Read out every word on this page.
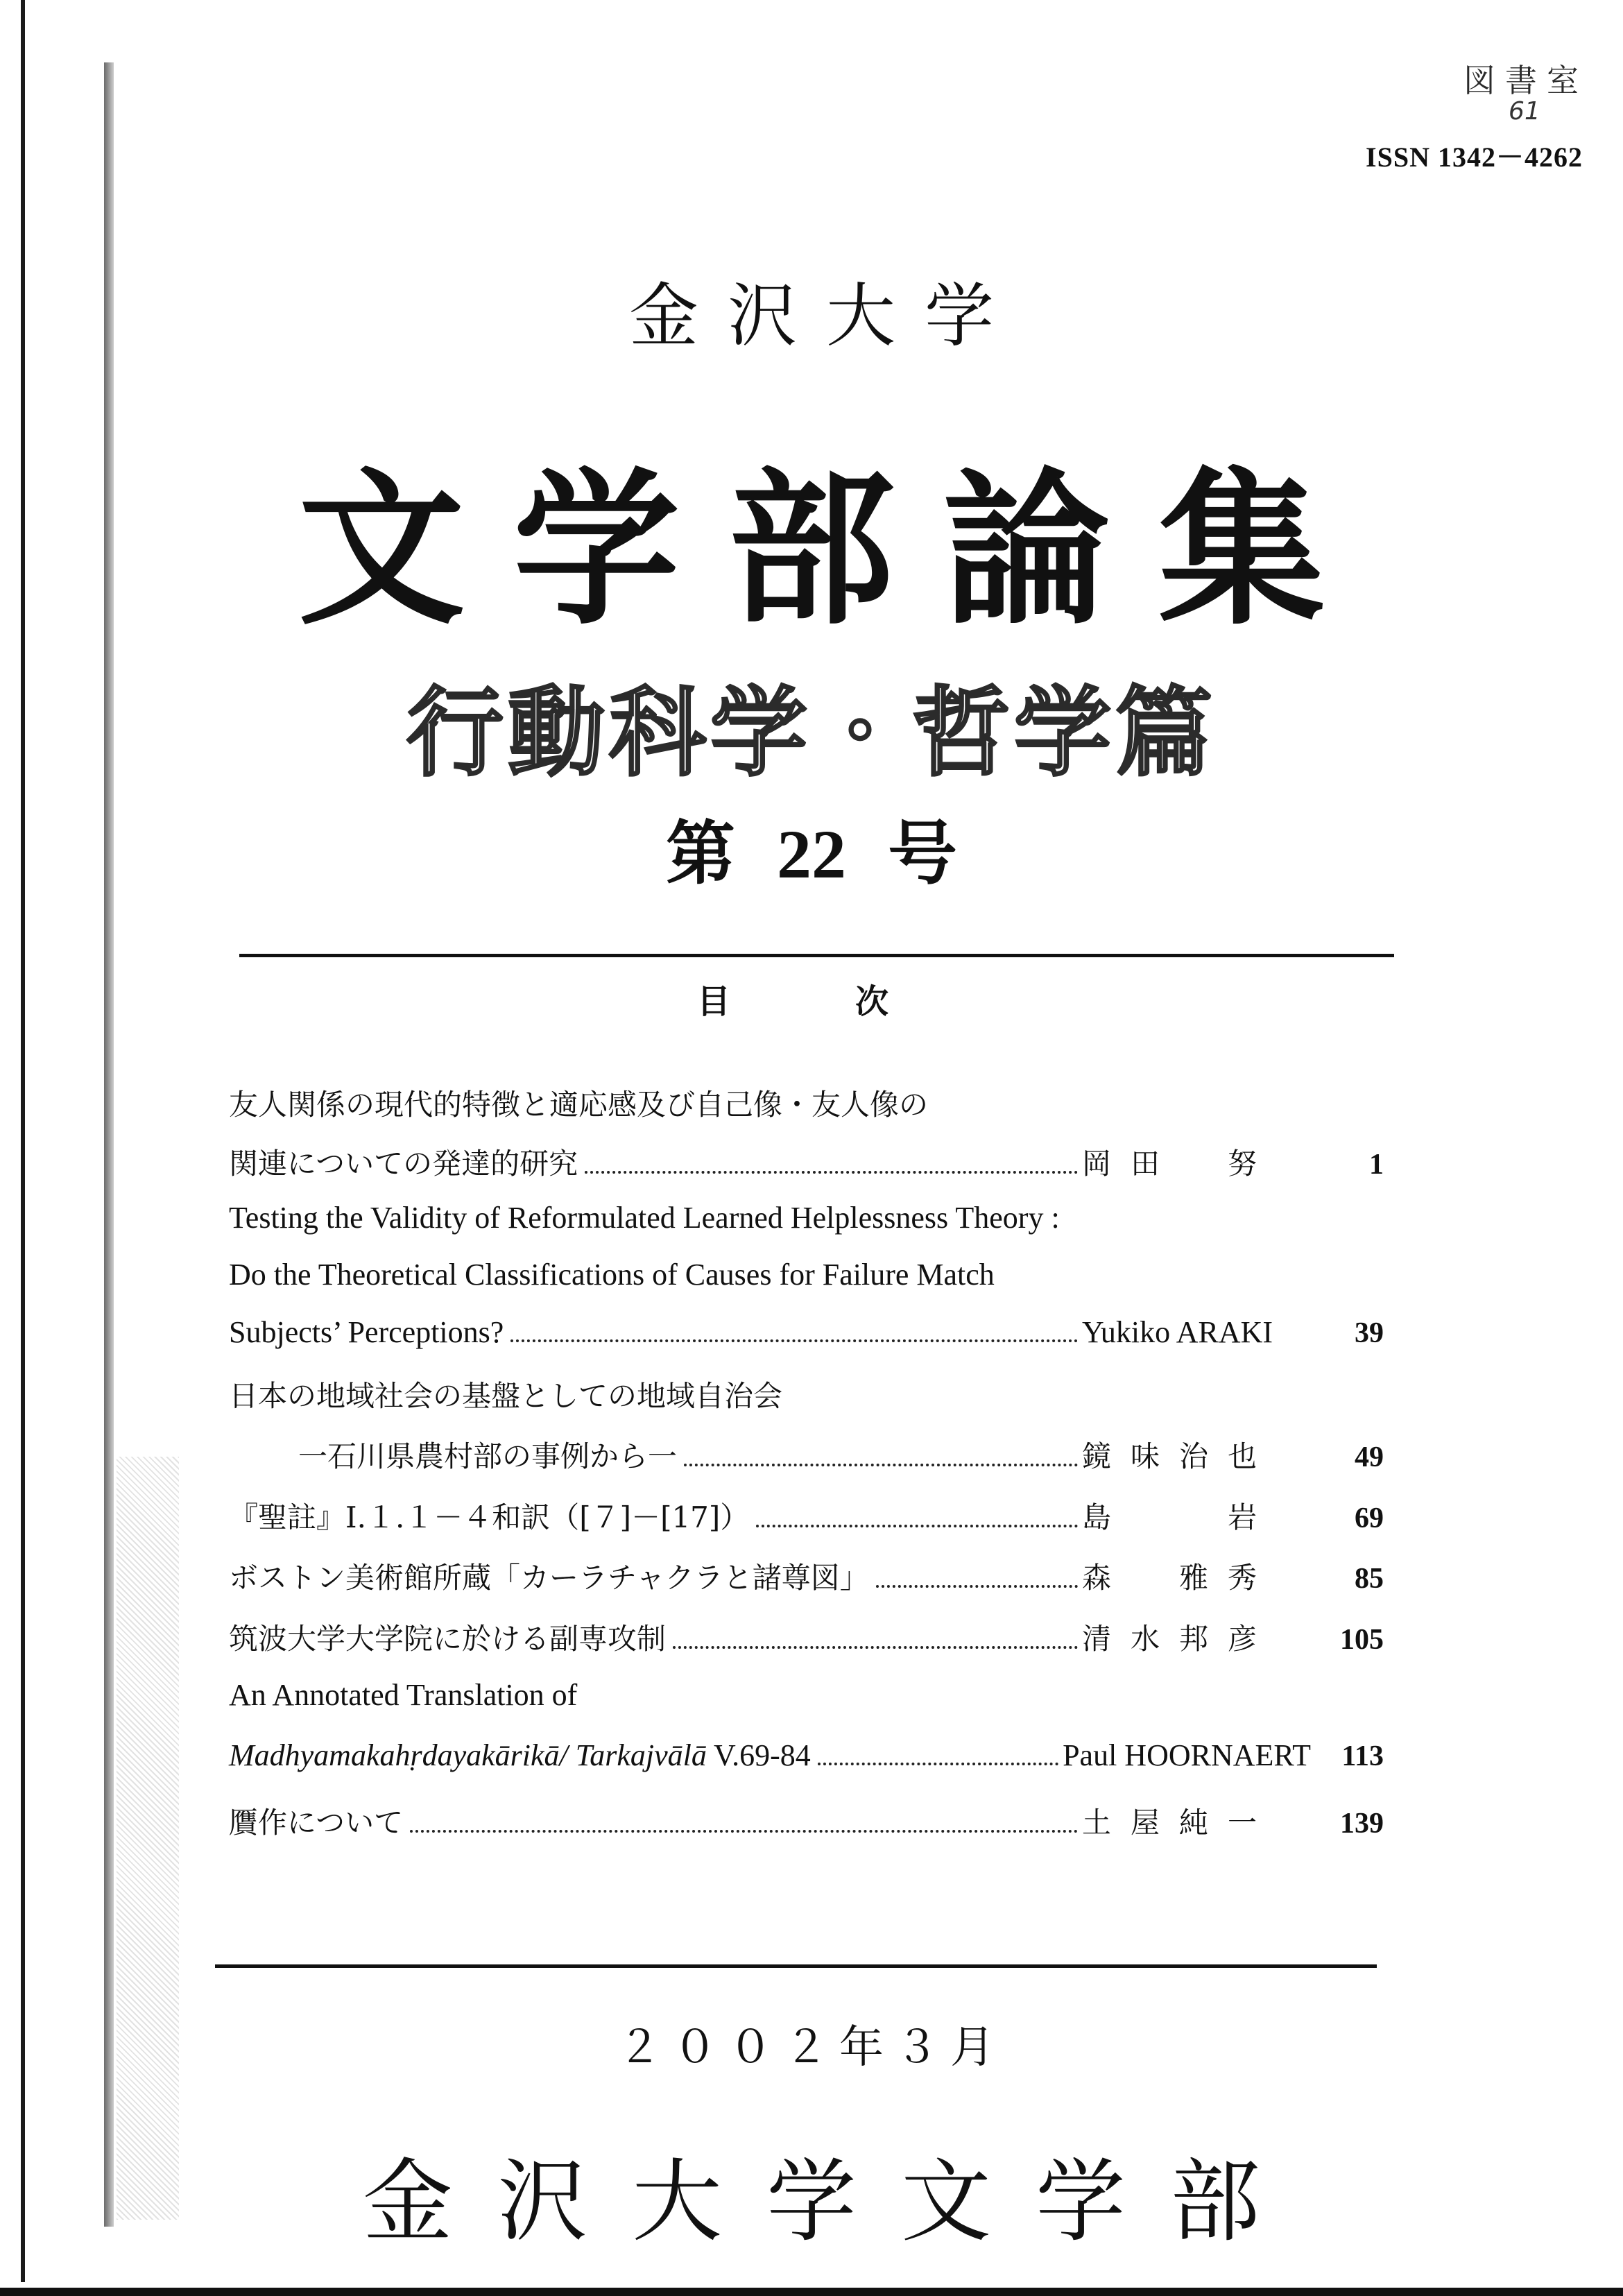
図書室
61
ISSN 1342－4262
金沢大学
文学部論集
行動科学・哲学篇
第 22 号
目次
友人関係の現代的特徴と適応感及び自己像・友人像の
関連についての発達的研究	岡田　努	1
Testing the Validity of Reformulated Learned Helplessness Theory :
Do the Theoretical Classifications of Causes for Failure Match
Subjects’ Perceptions?	Yukiko ARAKI	39
日本の地域社会の基盤としての地域自治会
一石川県農村部の事例から一	鏡味治也	49
『聖註』Ⅰ.１.１－４和訳（[７]－[17]）	島　　岩	69
ボストン美術館所蔵「カーラチャクラと諸尊図」	森　雅秀	85
筑波大学大学院に於ける副専攻制	清水邦彦	105
An Annotated Translation of
Madhyamakahṛdayakārikā/ Tarkajvālā V.69-84	Paul HOORNAERT	113
贋作について	土屋純一	139
２００２年３月
金沢大学文学部
